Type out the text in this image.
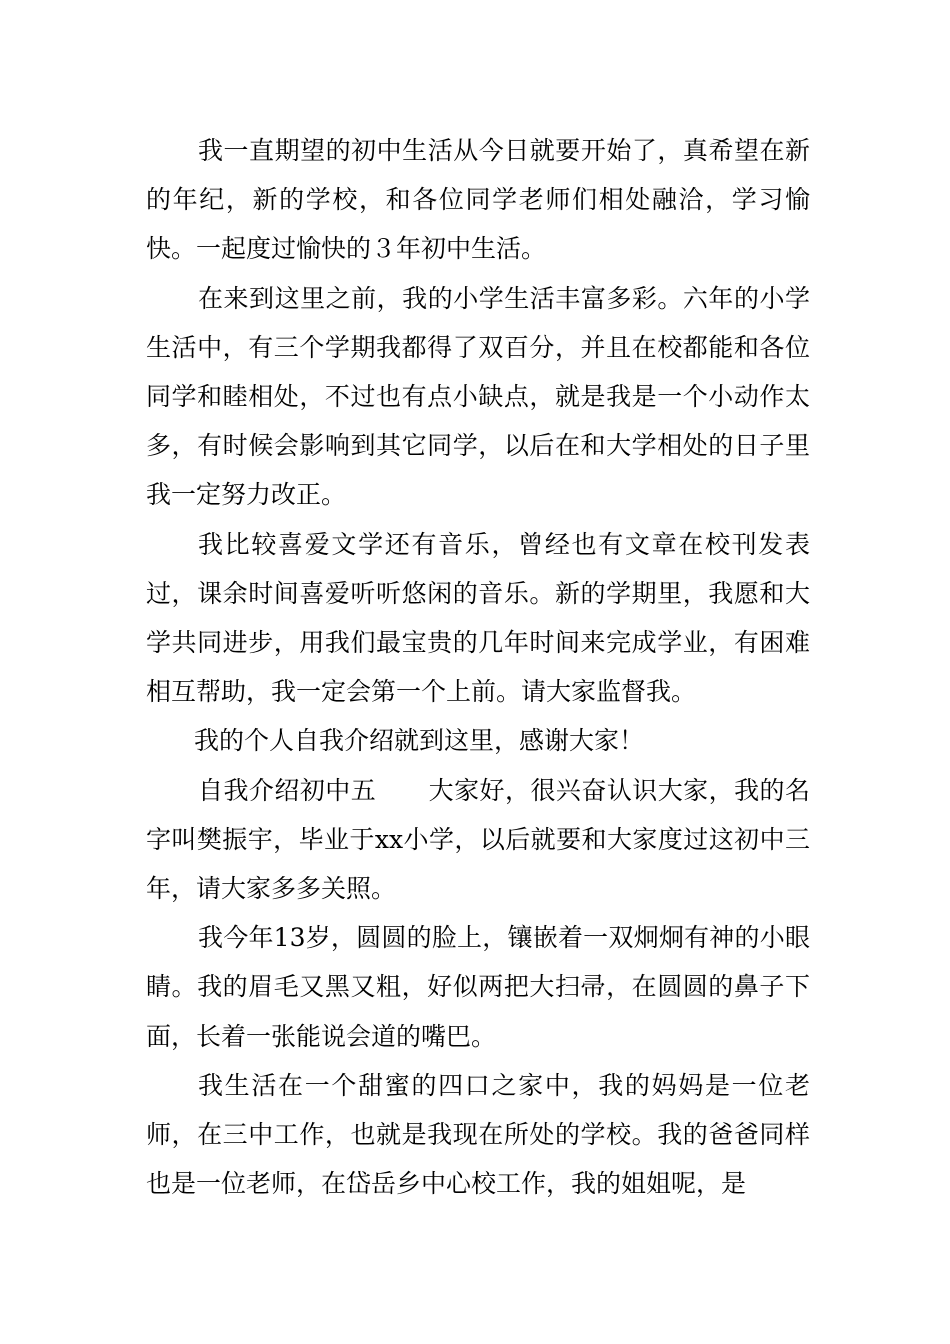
我一直期望的初中生活从今日就要开始了，真希望在新的年纪，新的学校，和各位同学老师们相处融洽，学习愉快。一起度过愉快的３年初中生活。

在来到这里之前，我的小学生活丰富多彩。六年的小学生活中，有三个学期我都得了双百分，并且在校都能和各位同学和睦相处，不过也有点小缺点，就是我是一个小动作太多，有时候会影响到其它同学，以后在和大学相处的日子里我一定努力改正。

我比较喜爱文学还有音乐，曾经也有文章在校刊发表过，课余时间喜爱听听悠闲的音乐。新的学期里，我愿和大学共同进步，用我们最宝贵的几年时间来完成学业，有困难相互帮助，我一定会第一个上前。请大家监督我。

我的个人自我介绍就到这里，感谢大家！

自我介绍初中五 大家好，很兴奋认识大家，我的名字叫樊振宇，毕业于xx小学，以后就要和大家度过这初中三年，请大家多多关照。

我今年13岁，圆圆的脸上，镶嵌着一双炯炯有神的小眼睛。我的眉毛又黑又粗，好似两把大扫帚，在圆圆的鼻子下面，长着一张能说会道的嘴巴。

我生活在一个甜蜜的四口之家中，我的妈妈是一位老师，在三中工作，也就是我现在所处的学校。我的爸爸同样也是一位老师，在岱岳乡中心校工作，我的姐姐呢，是
